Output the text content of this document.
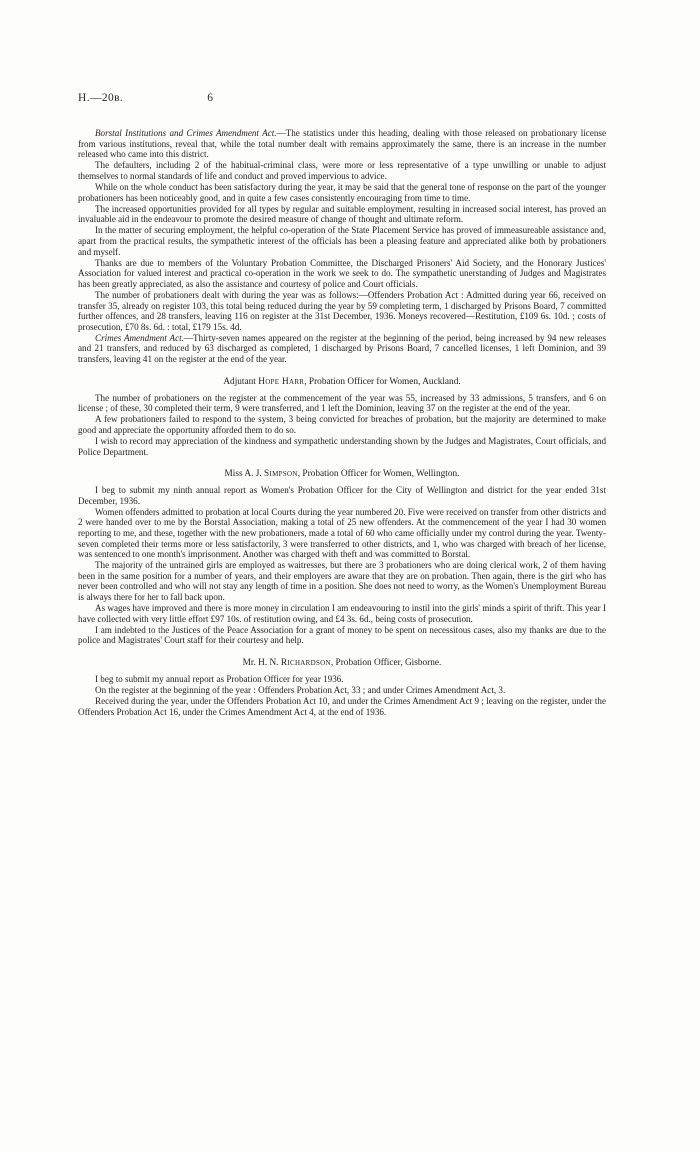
H.—20ʙ.	6

Borstal Institutions and Crimes Amendment Act.—The statistics under this heading, dealing with those released on probationary license from various institutions, reveal that, while the total number dealt with remains approximately the same, there is an increase in the number released who came into this district.

The defaulters, including 2 of the habitual-criminal class, were more or less representative of a type unwilling or unable to adjust themselves to normal standards of life and conduct and proved impervious to advice.

While on the whole conduct has been satisfactory during the year, it may be said that the general tone of response on the part of the younger probationers has been noticeably good, and in quite a few cases consistently encouraging from time to time.

The increased opportunities provided for all types by regular and suitable employment, resulting in increased social interest, has proved an invaluable aid in the endeavour to promote the desired measure of change of thought and ultimate reform.

In the matter of securing employment, the helpful co-operation of the State Placement Service has proved of immeasureable assistance and, apart from the practical results, the sympathetic interest of the officials has been a pleasing feature and appreciated alike both by probationers and myself.

Thanks are due to members of the Voluntary Probation Committee, the Discharged Prisoners' Aid Society, and the Honorary Justices' Association for valued interest and practical co-operation in the work we seek to do. The sympathetic unerstanding of Judges and Magistrates has been greatly appreciated, as also the assistance and courtesy of police and Court officials.

The number of probationers dealt with during the year was as follows:—Offenders Probation Act : Admitted during year 66, received on transfer 35, already on register 103, this total being reduced during the year by 59 completing term, 1 discharged by Prisons Board, 7 committed further offences, and 28 transfers, leaving 116 on register at the 31st December, 1936. Moneys recovered—Restitution, £109 6s. 10d. ; costs of prosecution, £70 8s. 6d. : total, £179 15s. 4d.

Crimes Amendment Act.—Thirty-seven names appeared on the register at the beginning of the period, being increased by 94 new releases and 21 transfers, and reduced by 63 discharged as completed, 1 discharged by Prisons Board, 7 cancelled licenses, 1 left Dominion, and 39 transfers, leaving 41 on the register at the end of the year.

Adjutant Hope Harr, Probation Officer for Women, Auckland.

The number of probationers on the register at the commencement of the year was 55, increased by 33 admissions, 5 transfers, and 6 on license ; of these, 30 completed their term, 9 were transferred, and 1 left the Dominion, leaving 37 on the register at the end of the year.

A few probationers failed to respond to the system, 3 being convicted for breaches of probation, but the majority are determined to make good and appreciate the opportunity afforded them to do so.

I wish to record may appreciation of the kindness and sympathetic understanding shown by the Judges and Magistrates, Court officials, and Police Department.

Miss A. J. Simpson, Probation Officer for Women, Wellington.

I beg to submit my ninth annual report as Women's Probation Officer for the City of Wellington and district for the year ended 31st December, 1936.

Women offenders admitted to probation at local Courts during the year numbered 20. Five were received on transfer from other districts and 2 were handed over to me by the Borstal Association, making a total of 25 new offenders. At the commencement of the year I had 30 women reporting to me, and these, together with the new probationers, made a total of 60 who came officially under my control during the year. Twenty-seven completed their terms more or less satisfactorily, 3 were transferred to other districts, and 1, who was charged with breach of her license, was sentenced to one month's imprisonment. Another was charged with theft and was committed to Borstal.

The majority of the untrained girls are employed as waitresses, but there are 3 probationers who are doing clerical work, 2 of them having been in the same position for a number of years, and their employers are aware that they are on probation. Then again, there is the girl who has never been controlled and who will not stay any length of time in a position. She does not need to worry, as the Women's Unemployment Bureau is always there for her to fall back upon.

As wages have improved and there is more money in circulation I am endeavouring to instil into the girls' minds a spirit of thrift. This year I have collected with very little effort £97 10s. of restitution owing, and £4 3s. 6d., being costs of prosecution.

I am indebted to the Justices of the Peace Association for a grant of money to be spent on necessitous cases, also my thanks are due to the police and Magistrates' Court staff for their courtesy and help.

Mr. H. N. Richardson, Probation Officer, Gisborne.

I beg to submit my annual report as Probation Officer for year 1936.

On the register at the beginning of the year : Offenders Probation Act, 33 ; and under Crimes Amendment Act, 3.

Received during the year, under the Offenders Probation Act 10, and under the Crimes Amendment Act 9 ; leaving on the register, under the Offenders Probation Act 16, under the Crimes Amendment Act 4, at the end of 1936.
